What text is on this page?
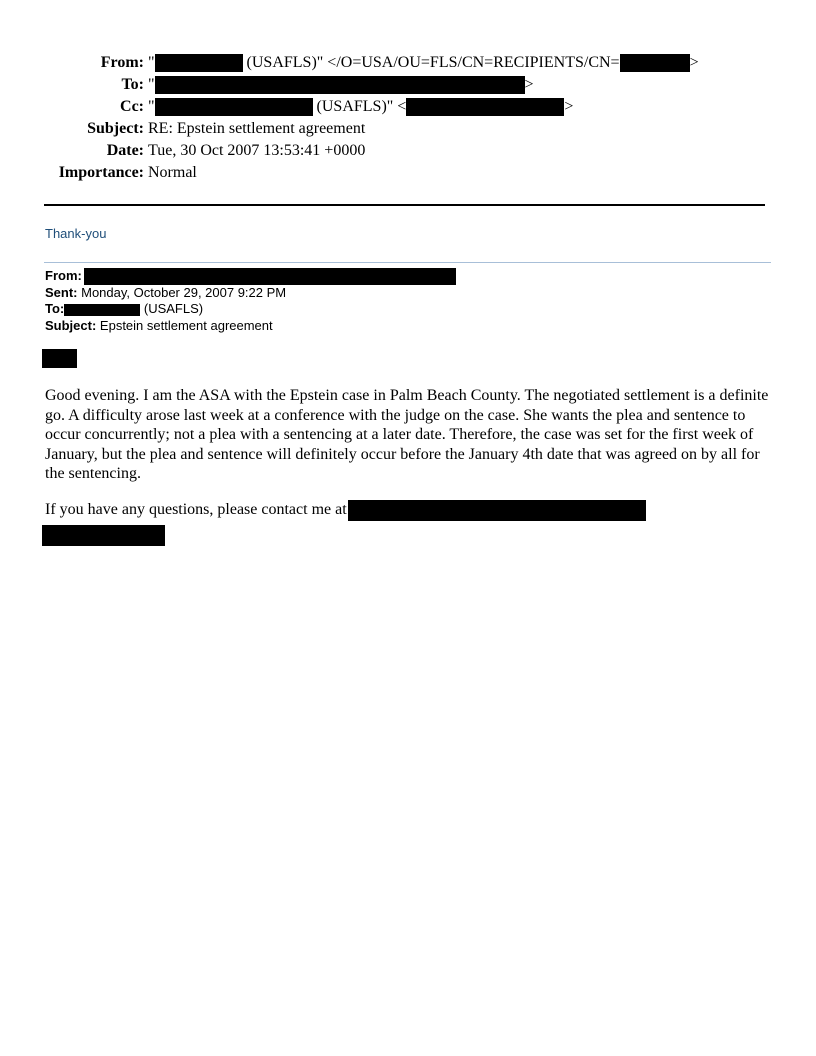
From: "	(USAFLS)" </O=USA/OU=FLS/CN=RECIPIENTS/CN=	>
To: "	>
Cc: "	(USAFLS)" <	>
Subject: RE: Epstein settlement agreement
Date: Tue, 30 Oct 2007 13:53:41 +0000
Importance: Normal
Thank-you
From:
Sent: Monday, October 29, 2007 9:22 PM
To:	(USAFLS)
Subject: Epstein settlement agreement

Good evening. I am the ASA with the Epstein case in Palm Beach County. The negotiated settlement is a definite go. A difficulty arose last week at a conference with the judge on the case. She wants the plea and sentence to occur concurrently; not a plea with a sentencing at a later date. Therefore, the case was set for the first week of January, but the plea and sentence will definitely occur before the January 4th date that was agreed on by all for the sentencing.

If you have any questions, please contact me at
